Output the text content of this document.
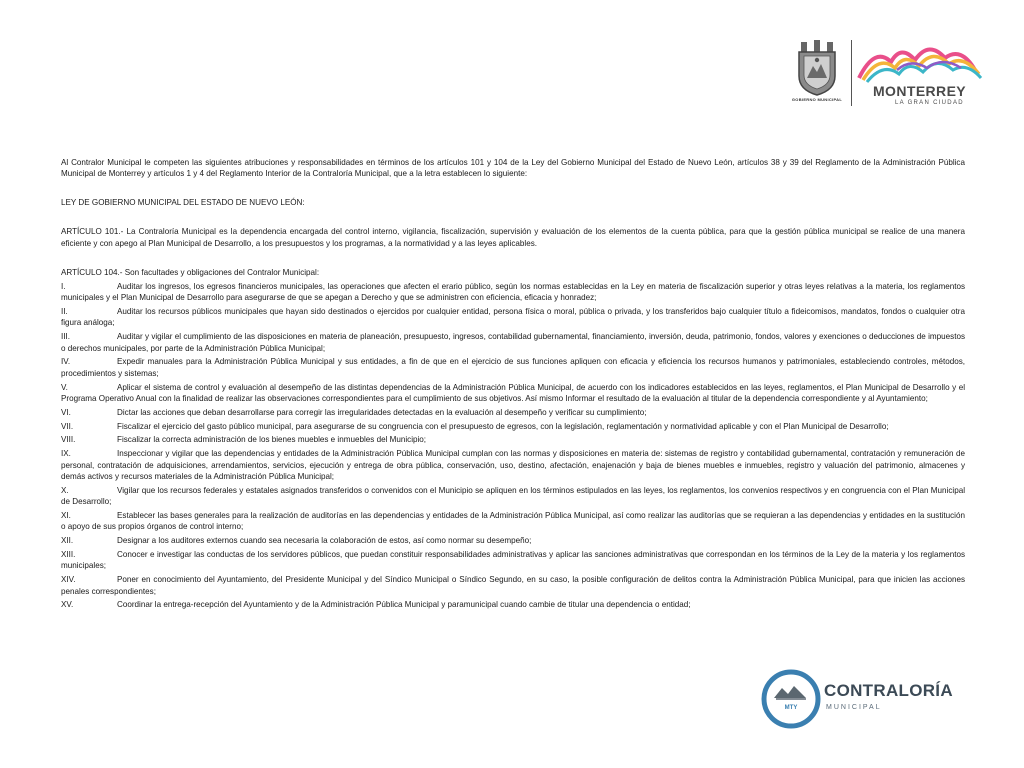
GOBIERNO MUNICIPAL
MONTERREY
LA GRAN CIUDAD

Al Contralor Municipal le competen las siguientes atribuciones y responsabilidades en términos de los artículos 101 y 104 de la Ley del Gobierno Municipal del Estado de Nuevo León, artículos 38 y 39 del Reglamento de la Administración Pública Municipal de Monterrey y artículos 1 y 4 del Reglamento Interior de la Contraloría Municipal, que a la letra establecen lo siguiente:

LEY DE GOBIERNO MUNICIPAL DEL ESTADO DE NUEVO LEÓN:

ARTÍCULO 101.- La Contraloría Municipal es la dependencia encargada del control interno, vigilancia, fiscalización, supervisión y evaluación de los elementos de la cuenta pública, para que la gestión pública municipal se realice de una manera eficiente y con apego al Plan Municipal de Desarrollo, a los presupuestos y los programas, a la normatividad y a las leyes aplicables.

ARTÍCULO 104.- Son facultades y obligaciones del Contralor Municipal:

I.	Auditar los ingresos, los egresos financieros municipales, las operaciones que afecten el erario público, según los normas establecidas en la Ley en materia de fiscalización superior y otras leyes relativas a la materia, los reglamentos municipales y el Plan Municipal de Desarrollo para asegurarse de que se apegan a Derecho y que se administren con eficiencia, eficacia y honradez;
II.	Auditar los recursos públicos municipales que hayan sido destinados o ejercidos por cualquier entidad, persona física o moral, pública o privada, y los transferidos bajo cualquier título a fideicomisos, mandatos, fondos o cualquier otra figura análoga;
III.	Auditar y vigilar el cumplimiento de las disposiciones en materia de planeación, presupuesto, ingresos, contabilidad gubernamental, financiamiento, inversión, deuda, patrimonio, fondos, valores y exenciones o deducciones de impuestos o derechos municipales, por parte de la Administración Pública Municipal;
IV.	Expedir manuales para la Administración Pública Municipal y sus entidades, a fin de que en el ejercicio de sus funciones apliquen con eficacia y eficiencia los recursos humanos y patrimoniales, estableciendo controles, métodos, procedimientos y sistemas;
V.	Aplicar el sistema de control y evaluación al desempeño de las distintas dependencias de la Administración Pública Municipal, de acuerdo con los indicadores establecidos en las leyes, reglamentos, el Plan Municipal de Desarrollo y el Programa Operativo Anual con la finalidad de realizar las observaciones correspondientes para el cumplimiento de sus objetivos. Así mismo Informar el resultado de la evaluación al titular de la dependencia correspondiente y al Ayuntamiento;
VI.	Dictar las acciones que deban desarrollarse para corregir las irregularidades detectadas en la evaluación al desempeño y verificar su cumplimiento;
VII.	Fiscalizar el ejercicio del gasto público municipal, para asegurarse de su congruencia con el presupuesto de egresos, con la legislación, reglamentación y normatividad aplicable y con el Plan Municipal de Desarrollo;
VIII.	Fiscalizar la correcta administración de los bienes muebles e inmuebles del Municipio;
IX.	Inspeccionar y vigilar que las dependencias y entidades de la Administración Pública Municipal cumplan con las normas y disposiciones en materia de: sistemas de registro y contabilidad gubernamental, contratación y remuneración de personal, contratación de adquisiciones, arrendamientos, servicios, ejecución y entrega de obra pública, conservación, uso, destino, afectación, enajenación y baja de bienes muebles e inmuebles, registro y valuación del patrimonio, almacenes y demás activos y recursos materiales de la Administración Pública Municipal;
X.	Vigilar que los recursos federales y estatales asignados transferidos o convenidos con el Municipio se apliquen en los términos estipulados en las leyes, los reglamentos, los convenios respectivos y en congruencia con el Plan Municipal de Desarrollo;
XI.	Establecer las bases generales para la realización de auditorías en las dependencias y entidades de la Administración Pública Municipal, así como realizar las auditorías que se requieran a las dependencias y entidades en la sustitución o apoyo de sus propios órganos de control interno;
XII.	Designar a los auditores externos cuando sea necesaria la colaboración de estos, así como normar su desempeño;
XIII.	Conocer e investigar las conductas de los servidores públicos, que puedan constituir responsabilidades administrativas y aplicar las sanciones administrativas que correspondan en los términos de la Ley de la materia y los reglamentos municipales;
XIV.	Poner en conocimiento del Ayuntamiento, del Presidente Municipal y del Síndico Municipal o Síndico Segundo, en su caso, la posible configuración de delitos contra la Administración Pública Municipal, para que inicien las acciones penales correspondientes;
XV.	Coordinar la entrega-recepción del Ayuntamiento y de la Administración Pública Municipal y paramunicipal cuando cambie de titular una dependencia o entidad;
MTY
CONTRALORÍA
MUNICIPAL
